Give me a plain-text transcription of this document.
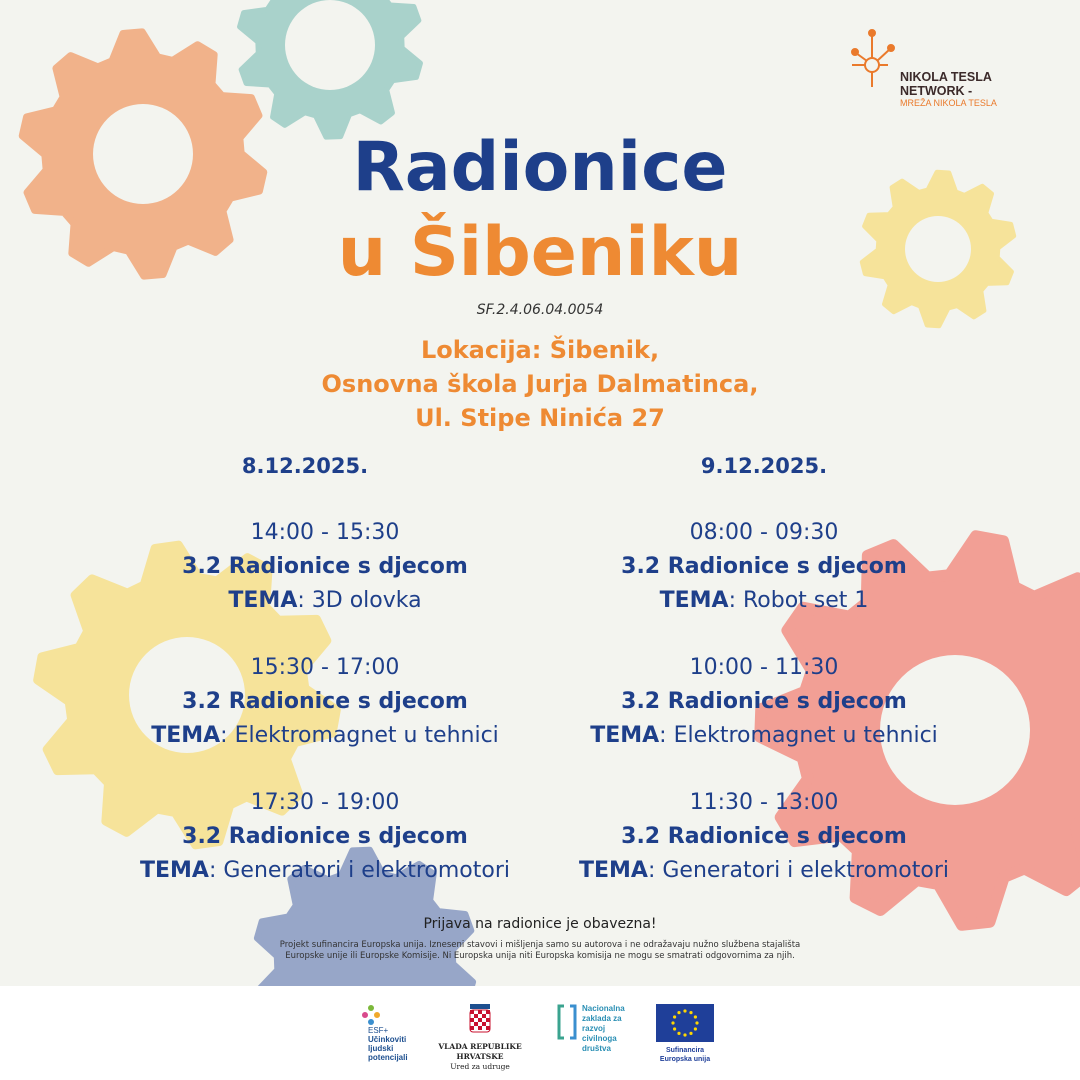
NIKOLA TESLA
NETWORK -
MREŽA NIKOLA TESLA
Radionice
u Šibeniku
SF.2.4.06.04.0054
Lokacija: Šibenik,
Osnovna škola Jurja Dalmatinca,
Ul. Stipe Ninića 27
8.12.2025.
14:00 - 15:30
3.2 Radionice s djecom
TEMA: 3D olovka
15:30 - 17:00
3.2 Radionice s djecom
TEMA: Elektromagnet u tehnici
17:30 - 19:00
3.2 Radionice s djecom
TEMA: Generatori i elektromotori
9.12.2025.
08:00 - 09:30
3.2 Radionice s djecom
TEMA: Robot set 1
10:00 - 11:30
3.2 Radionice s djecom
TEMA: Elektromagnet u tehnici
11:30 - 13:00
3.2 Radionice s djecom
TEMA: Generatori i elektromotori
Prijava na radionice je obavezna!
Projekt sufinancira Europska unija. Izneseni stavovi i mišljenja samo su autorova i ne odražavaju nužno službena stajališta Europske unije ili Europske Komisije. Ni Europska unija niti Europska komisija ne mogu se smatrati odgovornima za njih.
ESF+
Učinkoviti
ljudski
potencijali
VLADA REPUBLIKE HRVATSKE
Ured za udruge
Nacionalna
zaklada za
razvoj
civilnoga
društva	Sufinancira
Europska unija
